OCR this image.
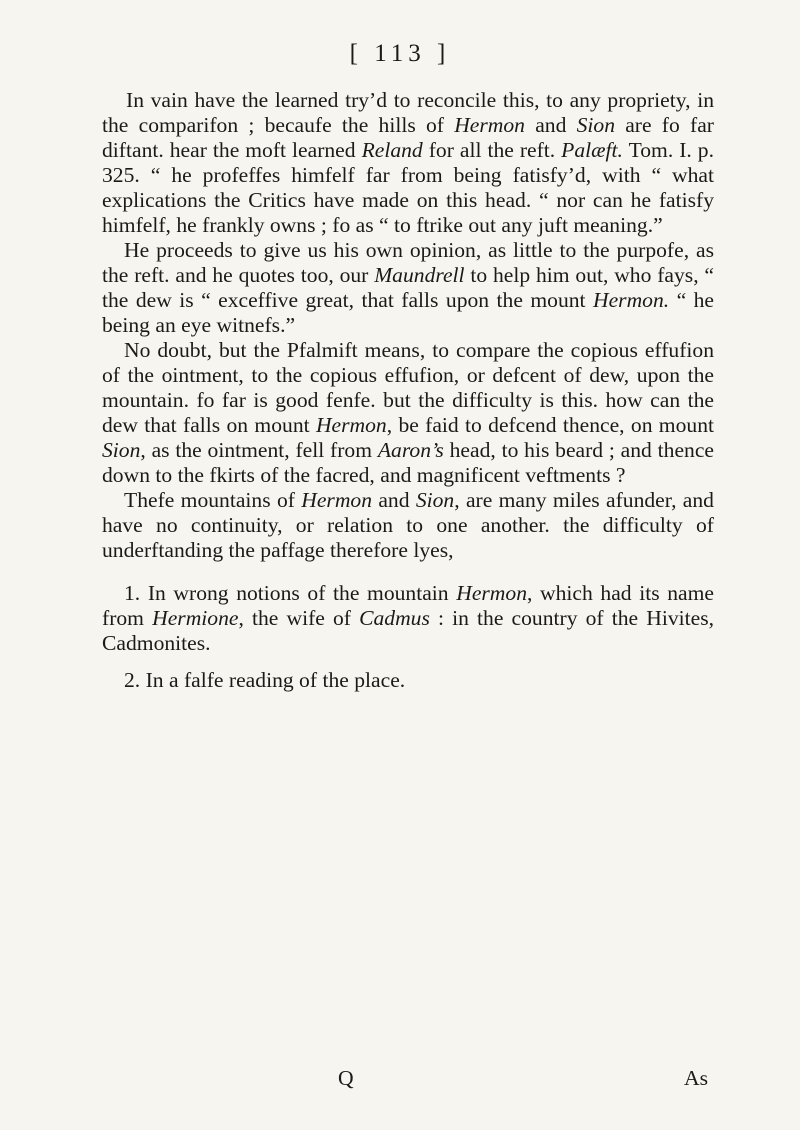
[ 113 ]

In vain have the learned try’d to reconcile this, to any propriety, in the comparifon ; becaufe the hills of Hermon and Sion are fo far diftant. hear the moft learned Reland for all the reft. Palæft. Tom. I. p. 325. “ he profeffes himfelf far from being fatisfy’d, with “ what explications the Critics have made on this head. “ nor can he fatisfy himfelf, he frankly owns ; fo as “ to ftrike out any juft meaning.”

He proceeds to give us his own opinion, as little to the purpofe, as the reft. and he quotes too, our Maundrell to help him out, who fays, “ the dew is “ exceffive great, that falls upon the mount Hermon. “ he being an eye witnefs.”

No doubt, but the Pfalmift means, to compare the copious effufion of the ointment, to the copious effufion, or defcent of dew, upon the mountain. fo far is good fenfe. but the difficulty is this. how can the dew that falls on mount Hermon, be faid to defcend thence, on mount Sion, as the ointment, fell from Aaron’s head, to his beard ; and thence down to the fkirts of the facred, and magnificent veftments ?

Thefe mountains of Hermon and Sion, are many miles afunder, and have no continuity, or relation to one another. the difficulty of underftanding the paffage therefore lyes,

1. In wrong notions of the mountain Hermon, which had its name from Hermione, the wife of Cadmus : in the country of the Hivites, Cadmonites.

2. In a falfe reading of the place.

Q	As
